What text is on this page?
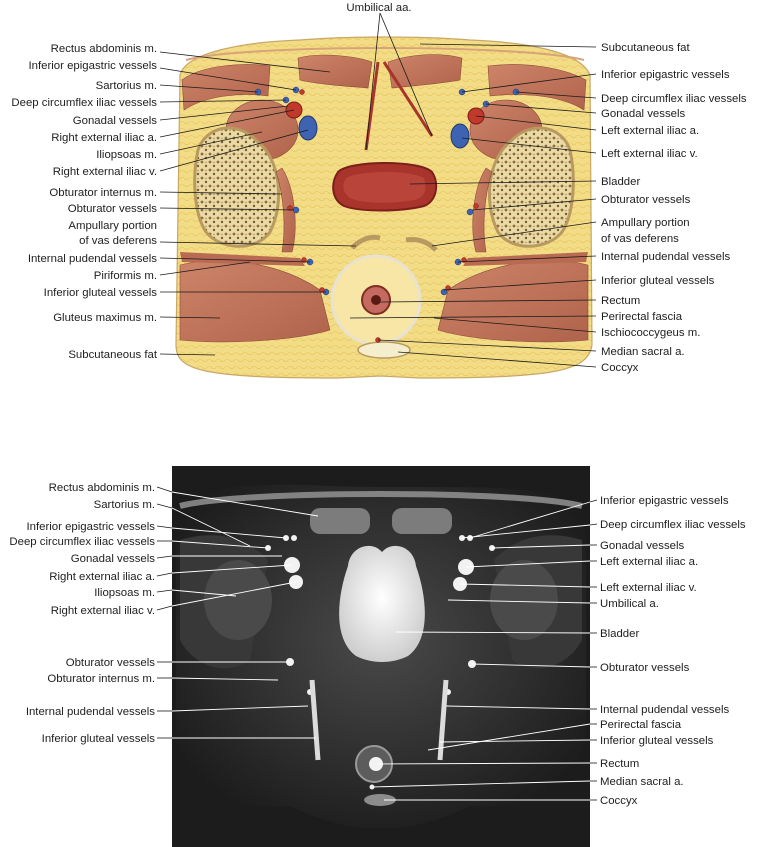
Umbilical aa.
Rectus abdominis m.
Inferior epigastric vessels
Sartorius m.
Deep circumflex iliac vessels
Gonadal vessels
Right external iliac a.
Iliopsoas m.
Right external iliac v.
Obturator internus m.
Obturator vessels
Ampullary portion
of vas deferens
Internal pudendal vessels
Piriformis m.
Inferior gluteal vessels
Gluteus maximus m.
Subcutaneous fat
Subcutaneous fat
Inferior epigastric vessels
Deep circumflex iliac vessels
Gonadal vessels
Left external iliac a.
Left external iliac v.
Bladder
Obturator vessels
Ampullary portion
of vas deferens
Internal pudendal vessels
Inferior gluteal vessels
Rectum
Perirectal fascia
Ischiococcygeus m.
Median sacral a.
Coccyx
Rectus abdominis m.
Sartorius m.
Inferior epigastric vessels
Deep circumflex iliac vessels
Gonadal vessels
Right external iliac a.
Iliopsoas m.
Right external iliac v.
Obturator vessels
Obturator internus m.
Internal pudendal vessels
Inferior gluteal vessels
Inferior epigastric vessels
Deep circumflex iliac vessels
Gonadal vessels
Left external iliac a.
Left external iliac v.
Umbilical a.
Bladder
Obturator vessels
Internal pudendal vessels
Perirectal fascia
Inferior gluteal vessels
Rectum
Median sacral a.
Coccyx
